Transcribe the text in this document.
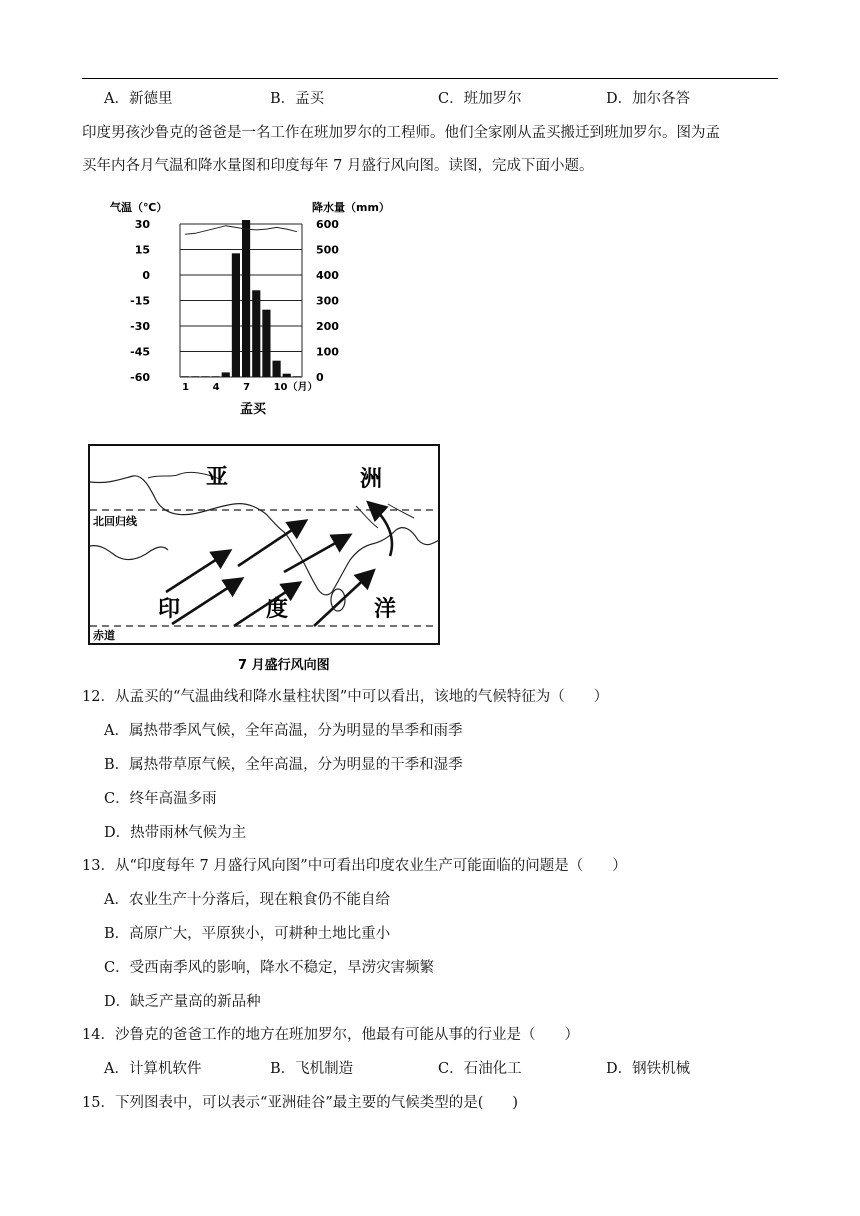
A．新德里	B．孟买	C．班加罗尔	D．加尔各答
印度男孩沙鲁克的爸爸是一名工作在班加罗尔的工程师。他们全家刚从孟买搬迁到班加罗尔。图为孟
买年内各月气温和降水量图和印度每年 7 月盛行风向图。读图，完成下面小题。
气温（℃）	降水量（mm）
30
15
0
-15
-30
-45
-60
600
500
400
300
200
100
0
1 4 7 10（月）
孟买
北回归线
赤道
亚	洲
印	度	洋
7 月盛行风向图
12．从孟买的“气温曲线和降水量柱状图”中可以看出，该地的气候特征为（　　）
A．属热带季风气候，全年高温，分为明显的旱季和雨季
B．属热带草原气候，全年高温，分为明显的干季和湿季
C．终年高温多雨
D．热带雨林气候为主
13．从“印度每年 7 月盛行风向图”中可看出印度农业生产可能面临的问题是（　　）
A．农业生产十分落后，现在粮食仍不能自给
B．高原广大，平原狭小，可耕种土地比重小
C．受西南季风的影响，降水不稳定，旱涝灾害频繁
D．缺乏产量高的新品种
14．沙鲁克的爸爸工作的地方在班加罗尔，他最有可能从事的行业是（　　）
A．计算机软件	B．飞机制造	C．石油化工	D．钢铁机械
15．下列图表中，可以表示“亚洲硅谷”最主要的气候类型的是(　　)
